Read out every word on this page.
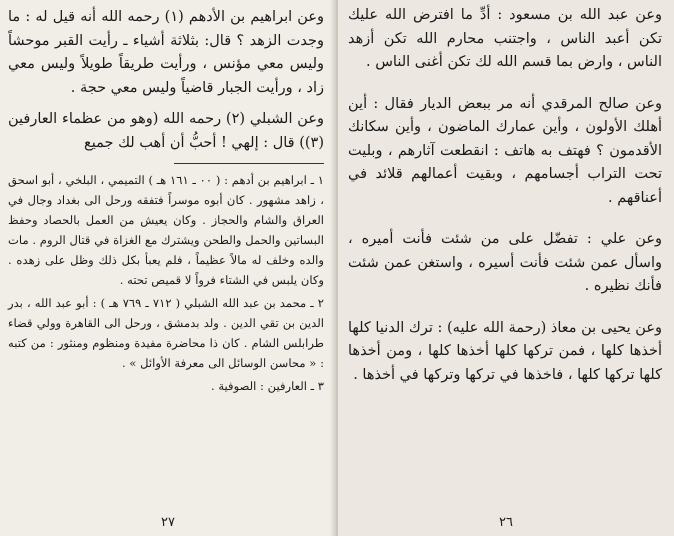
وعن ابراهيم بن الأدهم (١) رحمه الله أنه قيل له : ما وجدت الزهد ؟ قال: بثلاثة أشياء ـ رأيت القبر موحشاً وليس معي مؤنس ، ورأيت طريقاً طويلاً وليس معي زاد ، ورأيت الجبار قاضياً وليس معي حجة .

وعن الشبلي (٢) رحمه الله (وهو من عظماء العارفين (٣)) قال : إلهي ! أحبُّ أن أهب لك جميع

١ ـ ابراهيم بن أدهم : ( ٠٠ ـ ١٦١ هـ ) التميمي ، البلخي ، أبو اسحق ، زاهد مشهور . كان أبوه موسراً فتفقه ورحل الى بغداد وجال في العراق والشام والحجاز . وكان يعيش من العمل بالحصاد وحفظ البساتين والحمل والطحن ويشترك مع الغزاة في قتال الروم . مات والده وخلف له مالاً عظيماً ، فلم يعبأ بكل ذلك وظل على زهده . وكان يلبس في الشتاء فرواً لا قميص تحته .

٢ ـ محمد بن عبد الله الشبلي ( ٧١٢ ـ ٧٦٩ هـ ) : أبو عبد الله ، بدر الدين بن تقي الدين . ولد بدمشق ، ورحل الى القاهرة وولي قضاء طرابلس الشام . كان ذا محاضرة مفيدة ومنظوم ومنثور : من كتبه : « محاسن الوسائل الى معرفة الأوائل » .

٣ ـ العارفين : الصوفية .

٢٧

وعن عبد الله بن مسعود : أدِّ ما افترض الله عليك تكن أعبد الناس ، واجتنب محارم الله تكن أزهد الناس ، وارض بما قسم الله لك تكن أغنى الناس .

وعن صالح المرقدي أنه مر ببعض الديار فقال : أين أهلك الأولون ، وأين عمارك الماضون ، وأين سكانك الأقدمون ؟ فهتف به هاتف : انقطعت آثارهم ، وبليت تحت التراب أجسامهم ، وبقيت أعمالهم قلائد في أعناقهم .

وعن علي : تفضّل على من شئت فأنت أميره ، واسأل عمن شئت فأنت أسيره ، واستغن عمن شئت فأنك نظيره .

وعن يحيى بن معاذ (رحمة الله عليه) : ترك الدنيا كلها أخذها كلها ، فمن تركها كلها أخذها كلها ، ومن أخذها كلها تركها كلها ، فاخذها في تركها وتركها في أخذها .

٢٦
